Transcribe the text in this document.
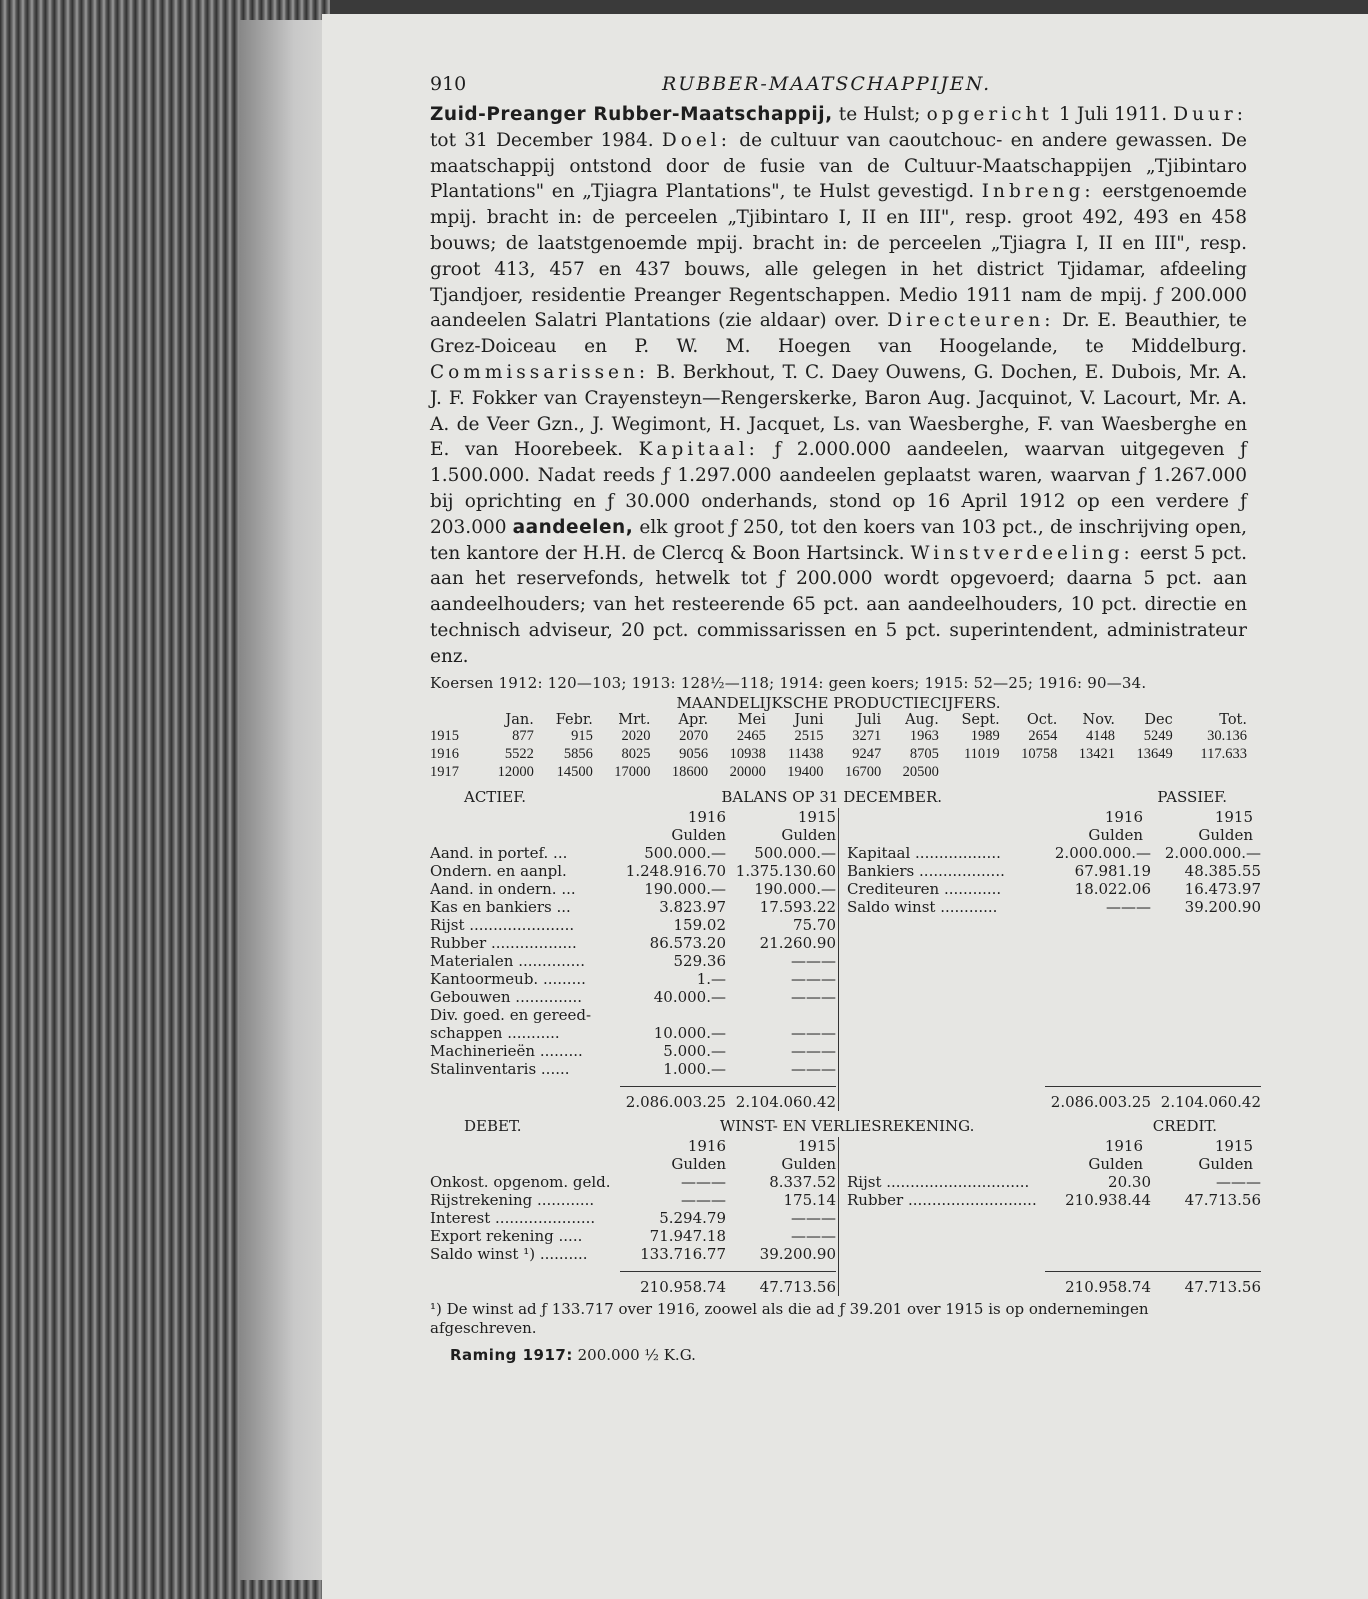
910	RUBBER-MAATSCHAPPIJEN.
Zuid-Preanger Rubber-Maatschappij, te Hulst; opgericht 1 Juli 1911. Duur: tot 31 December 1984. Doel: de cultuur van caoutchouc- en andere gewassen. De maatschappij ontstond door de fusie van de Cultuur-Maatschappijen „Tjibintaro Plantations" en „Tjiagra Plantations", te Hulst gevestigd. Inbreng: eerstgenoemde mpij. bracht in: de perceelen „Tjibintaro I, II en III", resp. groot 492, 493 en 458 bouws; de laatstgenoemde mpij. bracht in: de perceelen „Tjiagra I, II en III", resp. groot 413, 457 en 437 bouws, alle gelegen in het district Tjidamar, afdeeling Tjandjoer, residentie Preanger Regentschappen. Medio 1911 nam de mpij. ƒ 200.000 aandeelen Salatri Plantations (zie aldaar) over. Directeuren: Dr. E. Beauthier, te Grez-Doiceau en P. W. M. Hoegen van Hoogelande, te Middelburg. Commissarissen: B. Berkhout, T. C. Daey Ouwens, G. Dochen, E. Dubois, Mr. A. J. F. Fokker van Crayensteyn—Rengerskerke, Baron Aug. Jacquinot, V. Lacourt, Mr. A. A. de Veer Gzn., J. Wegimont, H. Jacquet, Ls. van Waesberghe, F. van Waesberghe en E. van Hoorebeek. Kapitaal: ƒ 2.000.000 aandeelen, waarvan uitgegeven ƒ 1.500.000. Nadat reeds ƒ 1.297.000 aandeelen geplaatst waren, waarvan ƒ 1.267.000 bij oprichting en ƒ 30.000 onderhands, stond op 16 April 1912 op een verdere ƒ 203.000 aandeelen, elk groot ƒ 250, tot den koers van 103 pct., de inschrijving open, ten kantore der H.H. de Clercq & Boon Hartsinck. Winstverdeeling: eerst 5 pct. aan het reservefonds, hetwelk tot ƒ 200.000 wordt opgevoerd; daarna 5 pct. aan aandeelhouders; van het resteerende 65 pct. aan aandeelhouders, 10 pct. directie en technisch adviseur, 20 pct. commissarissen en 5 pct. superintendent, administrateur enz.
Koersen 1912: 120—103; 1913: 128½—118; 1914: geen koers; 1915: 52—25; 1916: 90—34.
MAANDELIJKSCHE PRODUCTIECIJFERS.
	Jan.	Febr.	Mrt.	Apr.	Mei	Juni	Juli	Aug.	Sept.	Oct.	Nov.	Dec	Tot.
1915	877	915	2020	2070	2465	2515	3271	1963	1989	2654	4148	5249	30.136
1916	5522	5856	8025	9056	10938	11438	9247	8705	11019	10758	13421	13649	117.633
1917	12000	14500	17000	18600	20000	19400	16700	20500					
ACTIEF.	BALANS OP 31 DECEMBER.	PASSIEF.
1916	1915
Gulden	Gulden
Aand. in portef. ...	500.000.—	500.000.—
Ondern. en aanpl.	1.248.916.70 1.375.130.60
Aand. in ondern. ...	190.000.—	190.000.—
Kas en bankiers ...	3.823.97	17.593.22
Rijst ......................	159.02	75.70
Rubber ..................	86.573.20	21.260.90
Materialen ..............	529.36	———
Kantoormeub. .........	1.—	———
Gebouwen ..............	40.000.—	———
Div. goed. en gereed-
schappen ...........	10.000.—	———
Machinerieën .........	5.000.—	———
Stalinventaris ......	1.000.—	———
2.086.003.25 2.104.060.42
1916	1915
Gulden	Gulden
Kapitaal ..................	2.000.000.— 2.000.000.—
Bankiers ..................	67.981.19	48.385.55
Crediteuren ............	18.022.06	16.473.97
Saldo winst ............	———	39.200.90
2.086.003.25 2.104.060.42
DEBET.	WINST- EN VERLIESREKENING.	CREDIT.
1916	1915
Gulden	Gulden
Onkost. opgenom. geld.	———	8.337.52
Rijstrekening ............	———	175.14
Interest .....................	5.294.79	———
Export rekening .....	71.947.18	———
Saldo winst ¹) ..........	133.716.77	39.200.90
210.958.74	47.713.56
1916	1915
Gulden	Gulden
Rijst ..............................	20.30	———
Rubber ...........................	210.938.44	47.713.56
210.958.74	47.713.56
¹) De winst ad ƒ 133.717 over 1916, zoowel als die ad ƒ 39.201 over 1915 is op ondernemingen afgeschreven.
Raming 1917: 200.000 ½ K.G.
